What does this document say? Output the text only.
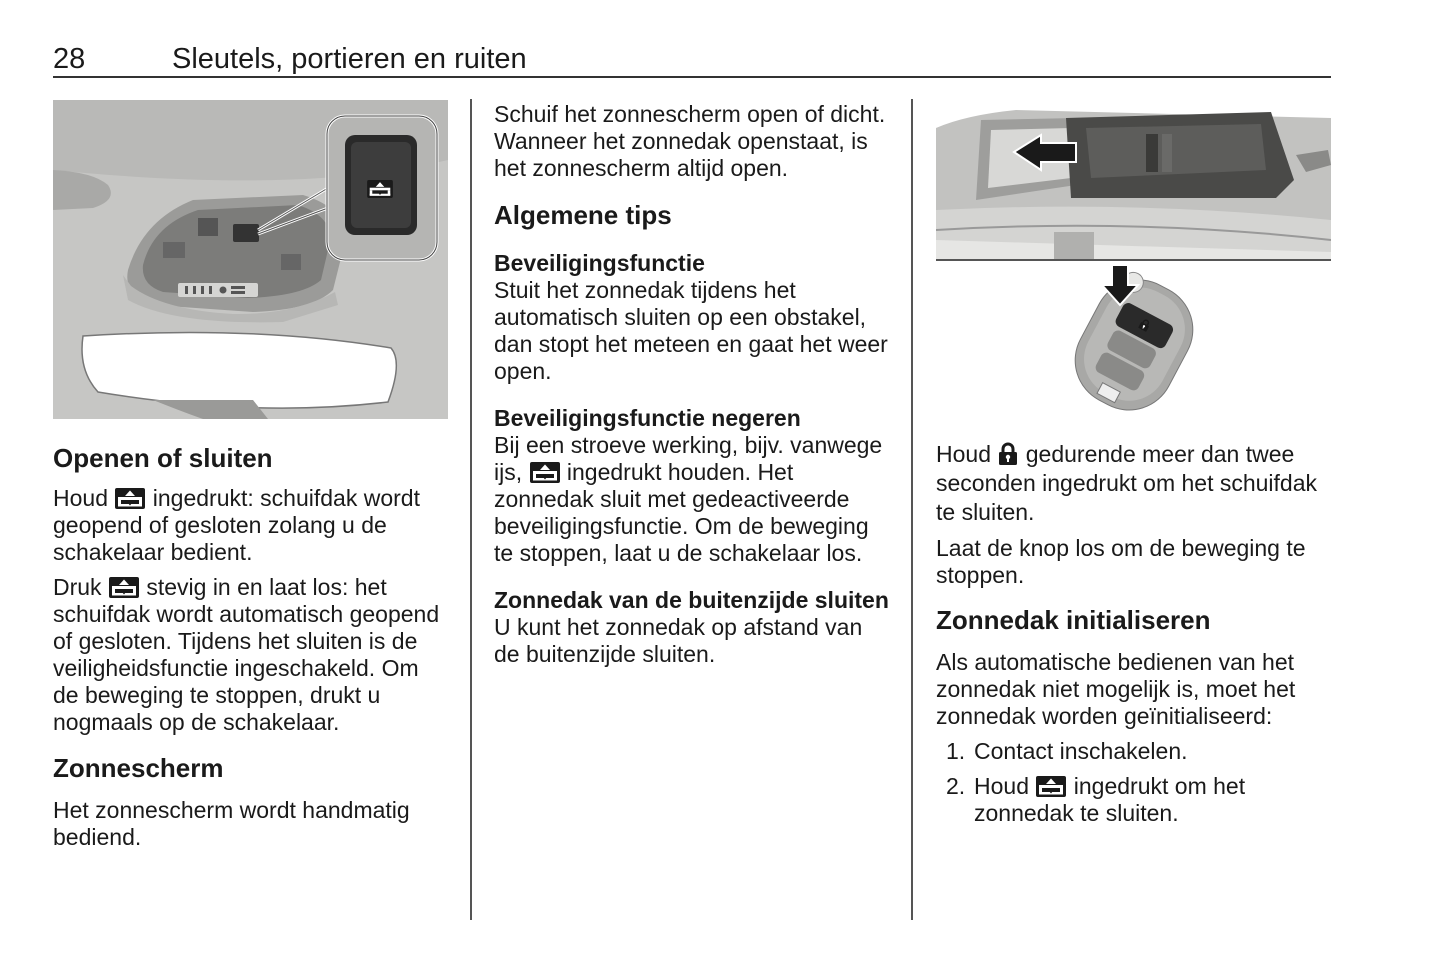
28	Sleutels, portieren en ruiten
Openen of sluiten

Houd ingedrukt: schuifdak wordt geopend of gesloten zolang u de schakelaar bedient.

Druk stevig in en laat los: het schuifdak wordt automatisch geopend of gesloten. Tijdens het sluiten is de veiligheidsfunctie ingeschakeld. Om de beweging te stoppen, drukt u nogmaals op de schakelaar.

Zonnescherm

Het zonnescherm wordt handmatig bediend.

Schuif het zonnescherm open of dicht. Wanneer het zonnedak openstaat, is het zonnescherm altijd open.

Algemene tips
Beveiligingsfunctie

Stuit het zonnedak tijdens het automatisch sluiten op een obstakel, dan stopt het meteen en gaat het weer open.

Beveiligingsfunctie negeren

Bij een stroeve werking, bijv. vanwege ijs, ingedrukt houden. Het zonnedak sluit met gedeactiveerde beveiligingsfunctie. Om de beweging te stoppen, laat u de schakelaar los.

Zonnedak van de buitenzijde sluiten

U kunt het zonnedak op afstand van de buitenzijde sluiten.

Houd gedurende meer dan twee seconden ingedrukt om het schuifdak te sluiten.

Laat de knop los om de beweging te stoppen.

Zonnedak initialiseren

Als automatische bedienen van het zonnedak niet mogelijk is, moet het zonnedak worden geïnitialiseerd:

1. Contact inschakelen.
2. Houd ingedrukt om het zonnedak te sluiten.
